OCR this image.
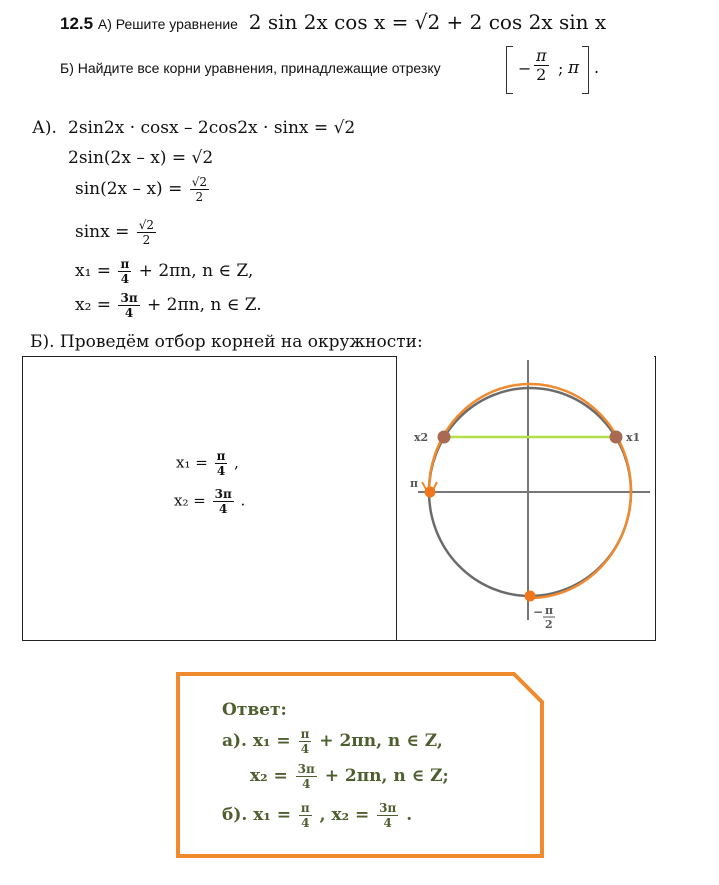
12.5 А) Решите уравнение 2 sin 2x cos x = √2 + 2 cos 2x sin x
Б) Найдите все корни уравнения, принадлежащие отрезку	− $\frac{\pi}{2}$ ; π .
А). 2sin2x · cosx – 2cos2x · sinx = √2
2sin(2x – x) = √2
$\sin(2x - x) = \frac{√2}{2}$
$\sin x = \frac{√2}{2}$
$x_1 = \frac{\pi}{4} + 2\pi n$, n ∈ Z,
$x_2 = \frac{3\pi}{4} + 2\pi n$, n ∈ Z.
Б). Проведём отбор корней на окружности:
$x_1 = \frac{\pi}{4}$ ,
$x_2 = \frac{3\pi}{4}$ .
x1
x2
п
− п
2
Ответ:
а). $x_1 = \frac{\pi}{4} + 2\pi n$, n ∈ Z,
$x_2 = \frac{3\pi}{4} + 2\pi n$, n ∈ Z;
б). $x_1 = \frac{\pi}{4}$ , $x_2 = \frac{3\pi}{4}$ .
